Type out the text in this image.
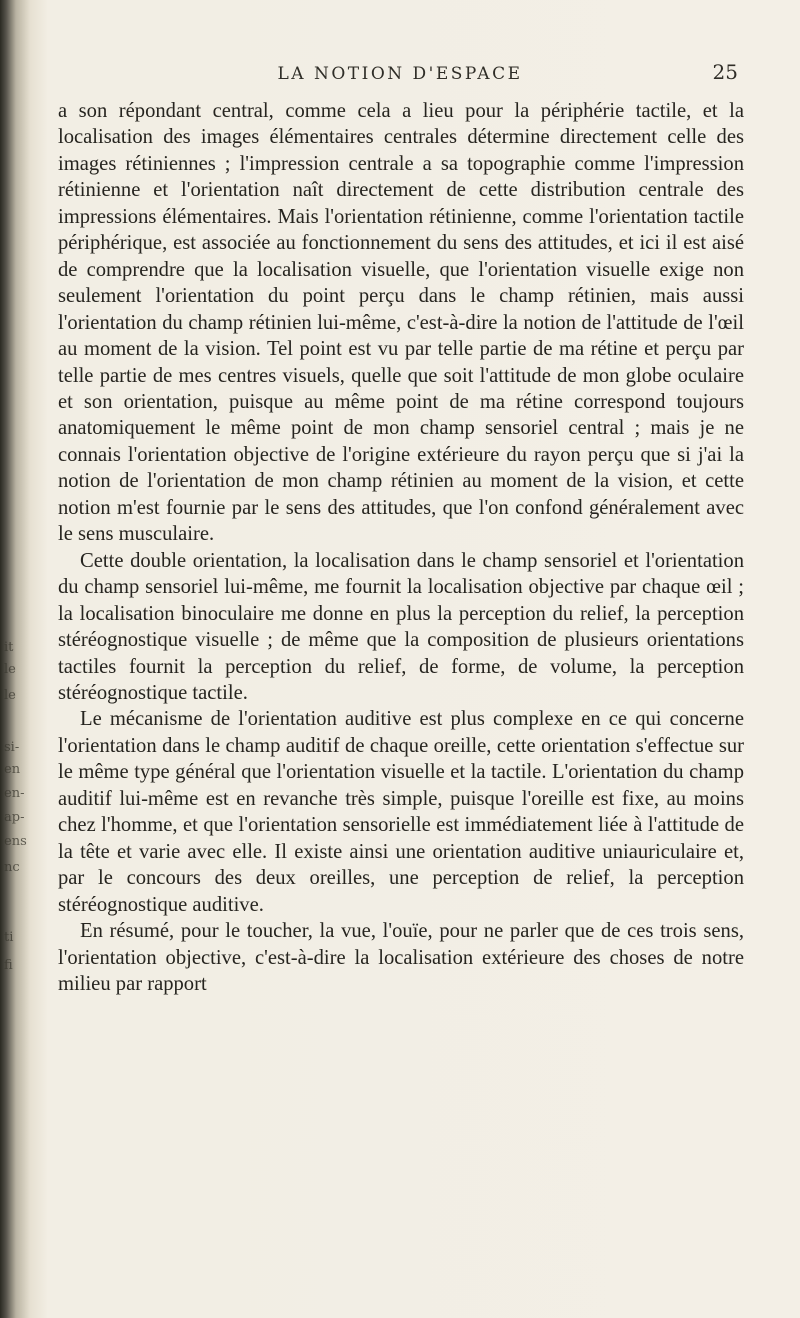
it
le
le
si-
en
en-
ap-
ens
nc
ti
fi
LA NOTION D'ESPACE	25

a son répondant central, comme cela a lieu pour la périphérie tactile, et la localisation des images élémentaires centrales détermine directement celle des images rétiniennes ; l'impression centrale a sa topographie comme l'impression rétinienne et l'orientation naît directement de cette distribution centrale des impressions élémentaires. Mais l'orientation rétinienne, comme l'orientation tactile périphérique, est associée au fonctionnement du sens des attitudes, et ici il est aisé de comprendre que la localisation visuelle, que l'orientation visuelle exige non seulement l'orientation du point perçu dans le champ rétinien, mais aussi l'orientation du champ rétinien lui-même, c'est-à-dire la notion de l'attitude de l'œil au moment de la vision. Tel point est vu par telle partie de ma rétine et perçu par telle partie de mes centres visuels, quelle que soit l'attitude de mon globe oculaire et son orientation, puisque au même point de ma rétine correspond toujours anatomiquement le même point de mon champ sensoriel central ; mais je ne connais l'orientation objective de l'origine extérieure du rayon perçu que si j'ai la notion de l'orientation de mon champ rétinien au moment de la vision, et cette notion m'est fournie par le sens des attitudes, que l'on confond généralement avec le sens musculaire.

Cette double orientation, la localisation dans le champ sensoriel et l'orientation du champ sensoriel lui-même, me fournit la localisation objective par chaque œil ; la localisation binoculaire me donne en plus la perception du relief, la perception stéréognostique visuelle ; de même que la composition de plusieurs orientations tactiles fournit la perception du relief, de forme, de volume, la perception stéréognostique tactile.

Le mécanisme de l'orientation auditive est plus complexe en ce qui concerne l'orientation dans le champ auditif de chaque oreille, cette orientation s'effectue sur le même type général que l'orientation visuelle et la tactile. L'orientation du champ auditif lui-même est en revanche très simple, puisque l'oreille est fixe, au moins chez l'homme, et que l'orientation sensorielle est immédiatement liée à l'attitude de la tête et varie avec elle. Il existe ainsi une orientation auditive uniauriculaire et, par le concours des deux oreilles, une perception de relief, la perception stéréognostique auditive.

En résumé, pour le toucher, la vue, l'ouïe, pour ne parler que de ces trois sens, l'orientation objective, c'est-à-dire la localisation extérieure des choses de notre milieu par rapport
